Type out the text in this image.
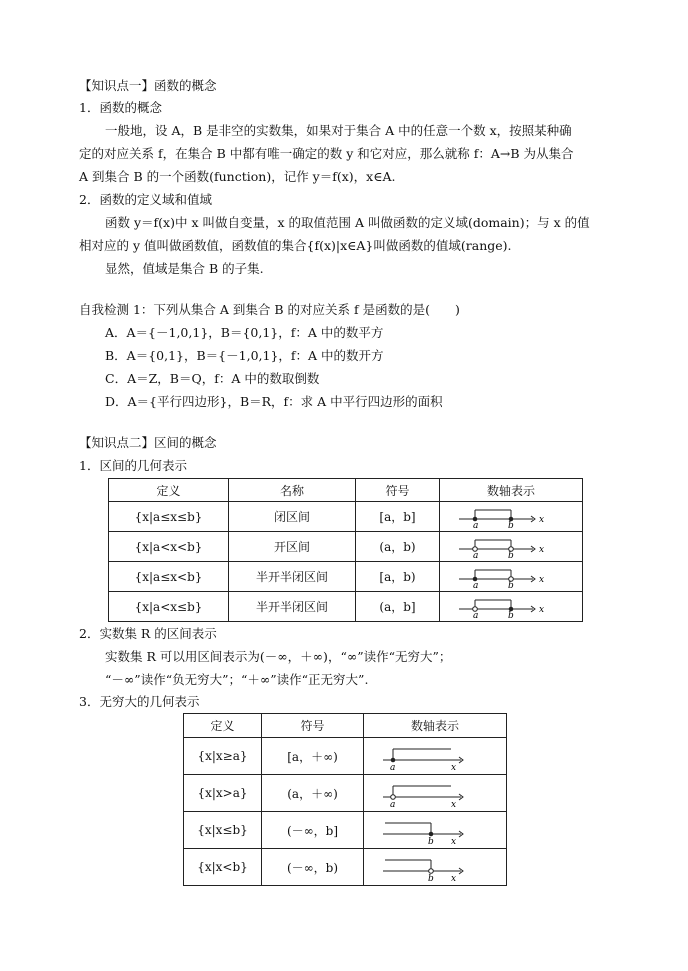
【知识点一】函数的概念
1．函数的概念
一般地，设 A，B 是非空的实数集，如果对于集合 A 中的任意一个数 x，按照某种确
定的对应关系 f，在集合 B 中都有唯一确定的数 y 和它对应，那么就称 f：A→B 为从集合
A 到集合 B 的一个函数(function)，记作 y＝f(x)，x∈A.
2．函数的定义域和值域
函数 y＝f(x)中 x 叫做自变量，x 的取值范围 A 叫做函数的定义域(domain)；与 x 的值
相对应的 y 值叫做函数值，函数值的集合{f(x)|x∈A}叫做函数的值域(range).
显然，值域是集合 B 的子集.
自我检测 1：下列从集合 A 到集合 B 的对应关系 f 是函数的是(　　)
A．A＝{－1,0,1}，B＝{0,1}，f：A 中的数平方
B．A＝{0,1}，B＝{－1,0,1}，f：A 中的数开方
C．A＝Z，B＝Q，f：A 中的数取倒数
D．A＝{平行四边形}，B＝R，f：求 A 中平行四边形的面积
【知识点二】区间的概念
1．区间的几何表示
定义	名称	符号	数轴表示
{x|a≤x≤b}	闭区间	[a，b]	a b
x

{x|a<x<b}	开区间	(a，b)	a b
x

{x|a≤x<b}	半开半闭区间	[a，b)	a b
x

{x|a<x≤b}	半开半闭区间	(a，b]	a b
x
2．实数集 R 的区间表示
实数集 R 可以用区间表示为(－∞，＋∞)，“∞”读作“无穷大”；
“－∞”读作“负无穷大”；“＋∞”读作“正无穷大”.
3．无穷大的几何表示
定义	符号	数轴表示
{x|x≥a}	[a，＋∞)	a x

{x|x>a}	(a，＋∞)	a x

{x|x≤b}	(－∞，b]	b x

{x|x<b}	(－∞，b)	b x
